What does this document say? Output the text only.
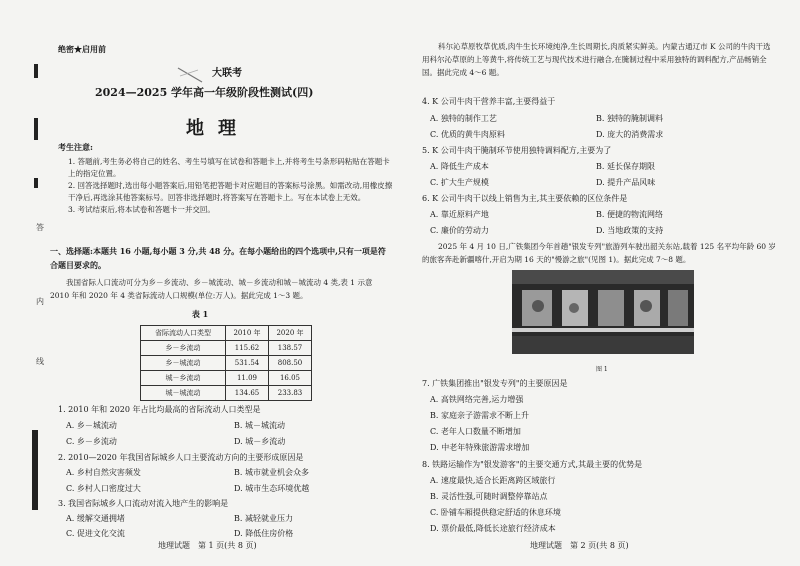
答
内
线
绝密★启用前
大联考
2024—2025 学年高一年级阶段性测试(四)
地理
考生注意:

1. 答题前,考生务必将自己的姓名、考生号填写在试卷和答题卡上,并将考生号条形码粘贴在答题卡上的指定位置。

2. 回答选择题时,选出每小题答案后,用铅笔把答题卡对应题目的答案标号涂黑。如需改动,用橡皮擦干净后,再选涂其他答案标号。回答非选择题时,将答案写在答题卡上。写在本试卷上无效。

3. 考试结束后,将本试卷和答题卡一并交回。

一、选择题:本题共 16 小题,每小题 3 分,共 48 分。在每小题给出的四个选项中,只有一项是符合题目要求的。
我国省际人口流动可分为乡－乡流动、乡－城流动、城－乡流动和城－城流动 4 类,表 1 示意 2010 年和 2020 年 4 类省际流动人口规模(单位:万人)。据此完成 1～3 题。
表 1
省际流动人口类型	2010 年	2020 年
乡－乡流动	115.62	138.57
乡－城流动	531.54	808.50
城－乡流动	11.09	16.05
城－城流动	134.65	233.83
1. 2010 年和 2020 年占比均最高的省际流动人口类型是
A. 乡－城流动	B. 城－城流动
C. 乡－乡流动	D. 城－乡流动
2. 2010—2020 年我国省际城乡人口主要流动方向的主要形成原因是
A. 乡村自然灾害频发	B. 城市就业机会众多
C. 乡村人口密度过大	D. 城市生态环境优越
3. 我国省际城乡人口流动对流入地产生的影响是
A. 缓解交通拥堵	B. 减轻就业压力
C. 促进文化交流	D. 降低住房价格
地理试题　第 1 页(共 8 页)
科尔沁草原牧草优质,肉牛生长环境纯净,生长周期长,肉质紧实鲜美。内蒙古通辽市 K 公司的牛肉干选用科尔沁草原的上等黄牛,将传统工艺与现代技术进行融合,在腌制过程中采用独特的调料配方,产品畅销全国。据此完成 4～6 题。
4. K 公司牛肉干营养丰富,主要得益于
A. 独特的制作工艺	B. 独特的腌制调料
C. 优质的黄牛肉原料	D. 庞大的消费需求
5. K 公司牛肉干腌制环节使用独特调料配方,主要为了
A. 降低生产成本	B. 延长保存期限
C. 扩大生产规模	D. 提升产品风味
6. K 公司牛肉干以线上销售为主,其主要依赖的区位条件是
A. 靠近原料产地	B. 便捷的物流网络
C. 廉价的劳动力	D. 当地政策的支持
2025 年 4 月 10 日,广铁集团今年首趟"银发专列"旅游列车驶出韶关东站,载着 125 名平均年龄 60 岁的旅客奔赴新疆喀什,开启为期 16 天的"慢游之旅"(见图 1)。据此完成 7～8 题。
图 1
7. 广铁集团推出"银发专列"的主要原因是
A. 高铁网络完善,运力增强
B. 家庭亲子游需求不断上升
C. 老年人口数量不断增加
D. 中老年特殊旅游需求增加
8. 铁路运输作为"银发游客"的主要交通方式,其最主要的优势是
A. 速度最快,适合长距离跨区域旅行
B. 灵活性强,可随时调整停靠站点
C. 卧铺车厢提供稳定舒适的休息环境
D. 票价最低,降低长途旅行经济成本
地理试题　第 2 页(共 8 页)
